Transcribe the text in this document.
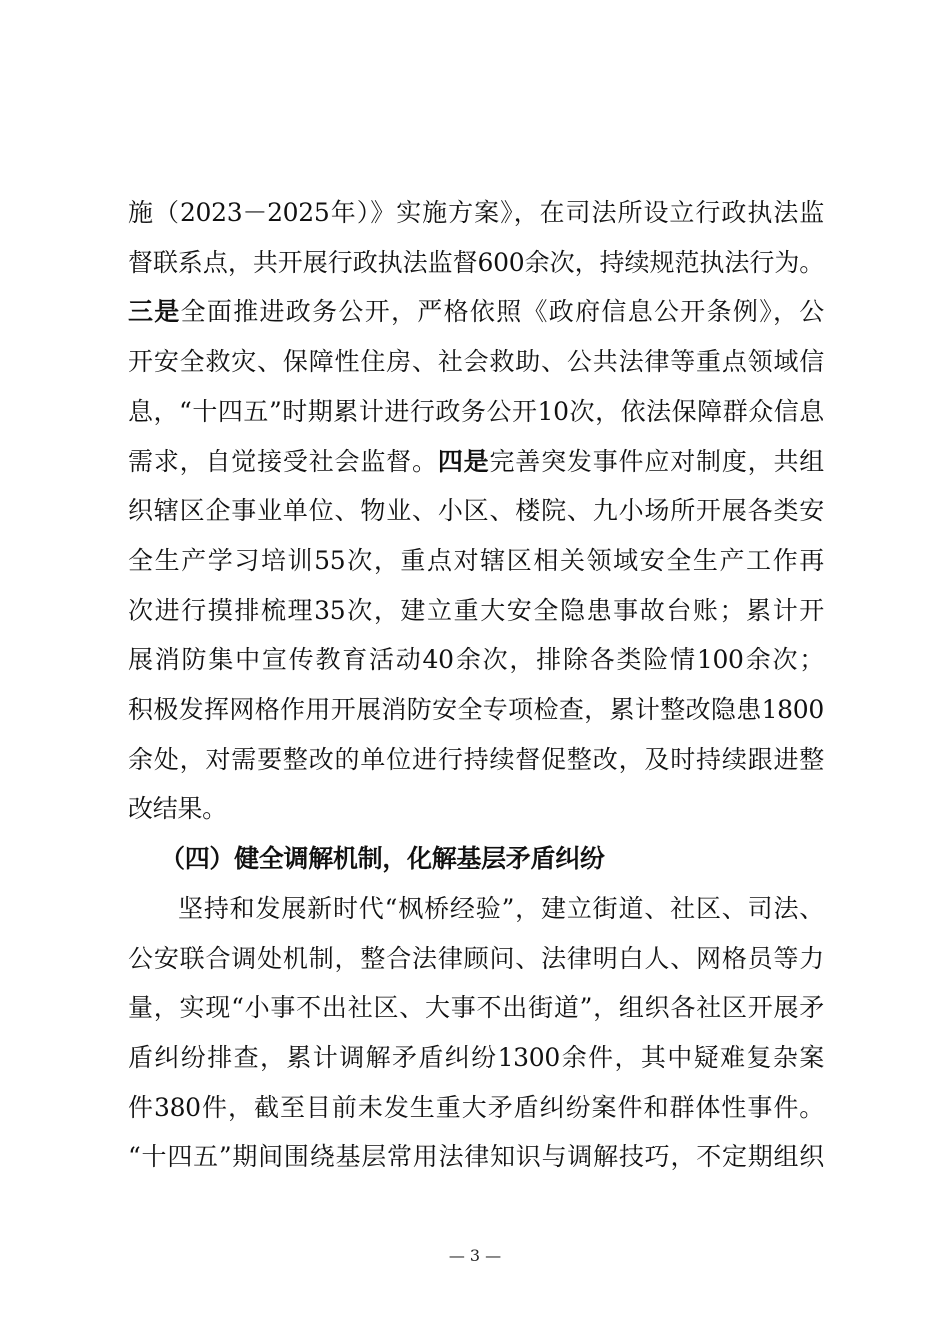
施（2023－2025年）》实施方案》，在司法所设立行政执法监
督联系点，共开展行政执法监督600余次，持续规范执法行为。
三是全面推进政务公开，严格依照《政府信息公开条例》，公
开安全救灾、保障性住房、社会救助、公共法律等重点领域信
息，“十四五”时期累计进行政务公开10次，依法保障群众信息
需求，自觉接受社会监督。四是完善突发事件应对制度，共组
织辖区企事业单位、物业、小区、楼院、九小场所开展各类安
全生产学习培训55次，重点对辖区相关领域安全生产工作再
次进行摸排梳理35次，建立重大安全隐患事故台账；累计开
展消防集中宣传教育活动40余次，排除各类险情100余次；
积极发挥网格作用开展消防安全专项检查，累计整改隐患1800
余处，对需要整改的单位进行持续督促整改，及时持续跟进整
改结果。
（四）健全调解机制，化解基层矛盾纠纷
坚持和发展新时代“枫桥经验”，建立街道、社区、司法、
公安联合调处机制，整合法律顾问、法律明白人、网格员等力
量，实现“小事不出社区、大事不出街道”，组织各社区开展矛
盾纠纷排查，累计调解矛盾纠纷1300余件，其中疑难复杂案
件380件，截至目前未发生重大矛盾纠纷案件和群体性事件。
“十四五”期间围绕基层常用法律知识与调解技巧，不定期组织
— 3 —
